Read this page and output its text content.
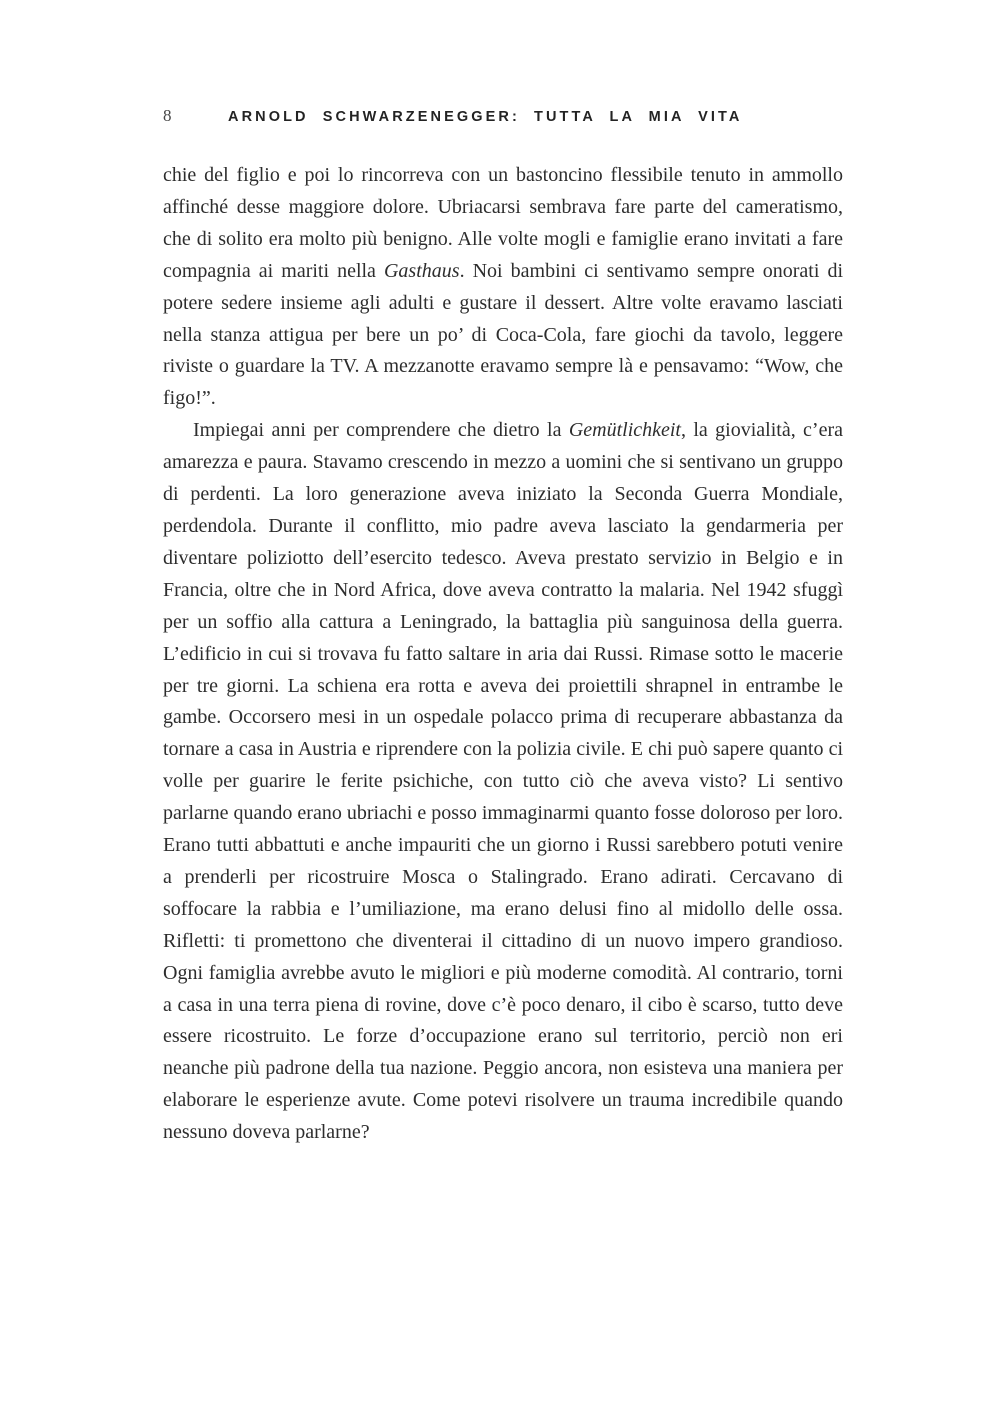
8	ARNOLD SCHWARZENEGGER: TUTTA LA MIA VITA

chie del figlio e poi lo rincorreva con un bastoncino flessibile tenuto in ammollo affinché desse maggiore dolore. Ubriacarsi sembrava fare parte del cameratismo, che di solito era molto più benigno. Alle volte mogli e famiglie erano invitati a fare compagnia ai mariti nella Gasthaus. Noi bambini ci sentivamo sempre onorati di potere sedere insieme agli adulti e gustare il dessert. Altre volte eravamo lasciati nella stanza attigua per bere un po’ di Coca-Cola, fare giochi da tavolo, leggere riviste o guardare la TV. A mezzanotte eravamo sempre là e pensavamo: “Wow, che figo!”.

Impiegai anni per comprendere che dietro la Gemütlichkeit, la giovialità, c’era amarezza e paura. Stavamo crescendo in mezzo a uomini che si sentivano un gruppo di perdenti. La loro generazione aveva iniziato la Seconda Guerra Mondiale, perdendola. Durante il conflitto, mio padre aveva lasciato la gendarmeria per diventare poliziotto dell’esercito tedesco. Aveva prestato servizio in Belgio e in Francia, oltre che in Nord Africa, dove aveva contratto la malaria. Nel 1942 sfuggì per un soffio alla cattura a Leningrado, la battaglia più sanguinosa della guerra. L’edificio in cui si trovava fu fatto saltare in aria dai Russi. Rimase sotto le macerie per tre giorni. La schiena era rotta e aveva dei proiettili shrapnel in entrambe le gambe. Occorsero mesi in un ospedale polacco prima di recuperare abbastanza da tornare a casa in Austria e riprendere con la polizia civile. E chi può sapere quanto ci volle per guarire le ferite psichiche, con tutto ciò che aveva visto? Li sentivo parlarne quando erano ubriachi e posso immaginarmi quanto fosse doloroso per loro. Erano tutti abbattuti e anche impauriti che un giorno i Russi sarebbero potuti venire a prenderli per ricostruire Mosca o Stalingrado. Erano adirati. Cercavano di soffocare la rabbia e l’umiliazione, ma erano delusi fino al midollo delle ossa. Rifletti: ti promettono che diventerai il cittadino di un nuovo impero grandioso. Ogni famiglia avrebbe avuto le migliori e più moderne comodità. Al contrario, torni a casa in una terra piena di rovine, dove c’è poco denaro, il cibo è scarso, tutto deve essere ricostruito. Le forze d’occupazione erano sul territorio, perciò non eri neanche più padrone della tua nazione. Peggio ancora, non esisteva una maniera per elaborare le esperienze avute. Come potevi risolvere un trauma incredibile quando nessuno doveva parlarne?
